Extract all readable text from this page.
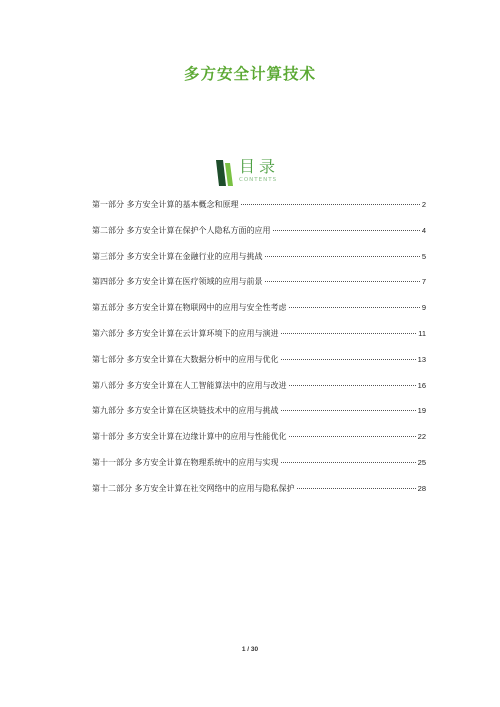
多方安全计算技术
目录
CONTENTS
第一部分 多方安全计算的基本概念和原理	2
第二部分 多方安全计算在保护个人隐私方面的应用	4
第三部分 多方安全计算在金融行业的应用与挑战	5
第四部分 多方安全计算在医疗领域的应用与前景	7
第五部分 多方安全计算在物联网中的应用与安全性考虑	9
第六部分 多方安全计算在云计算环境下的应用与演进	11
第七部分 多方安全计算在大数据分析中的应用与优化	13
第八部分 多方安全计算在人工智能算法中的应用与改进	16
第九部分 多方安全计算在区块链技术中的应用与挑战	19
第十部分 多方安全计算在边缘计算中的应用与性能优化	22
第十一部分 多方安全计算在物理系统中的应用与实现	25
第十二部分 多方安全计算在社交网络中的应用与隐私保护	28
1 / 30
